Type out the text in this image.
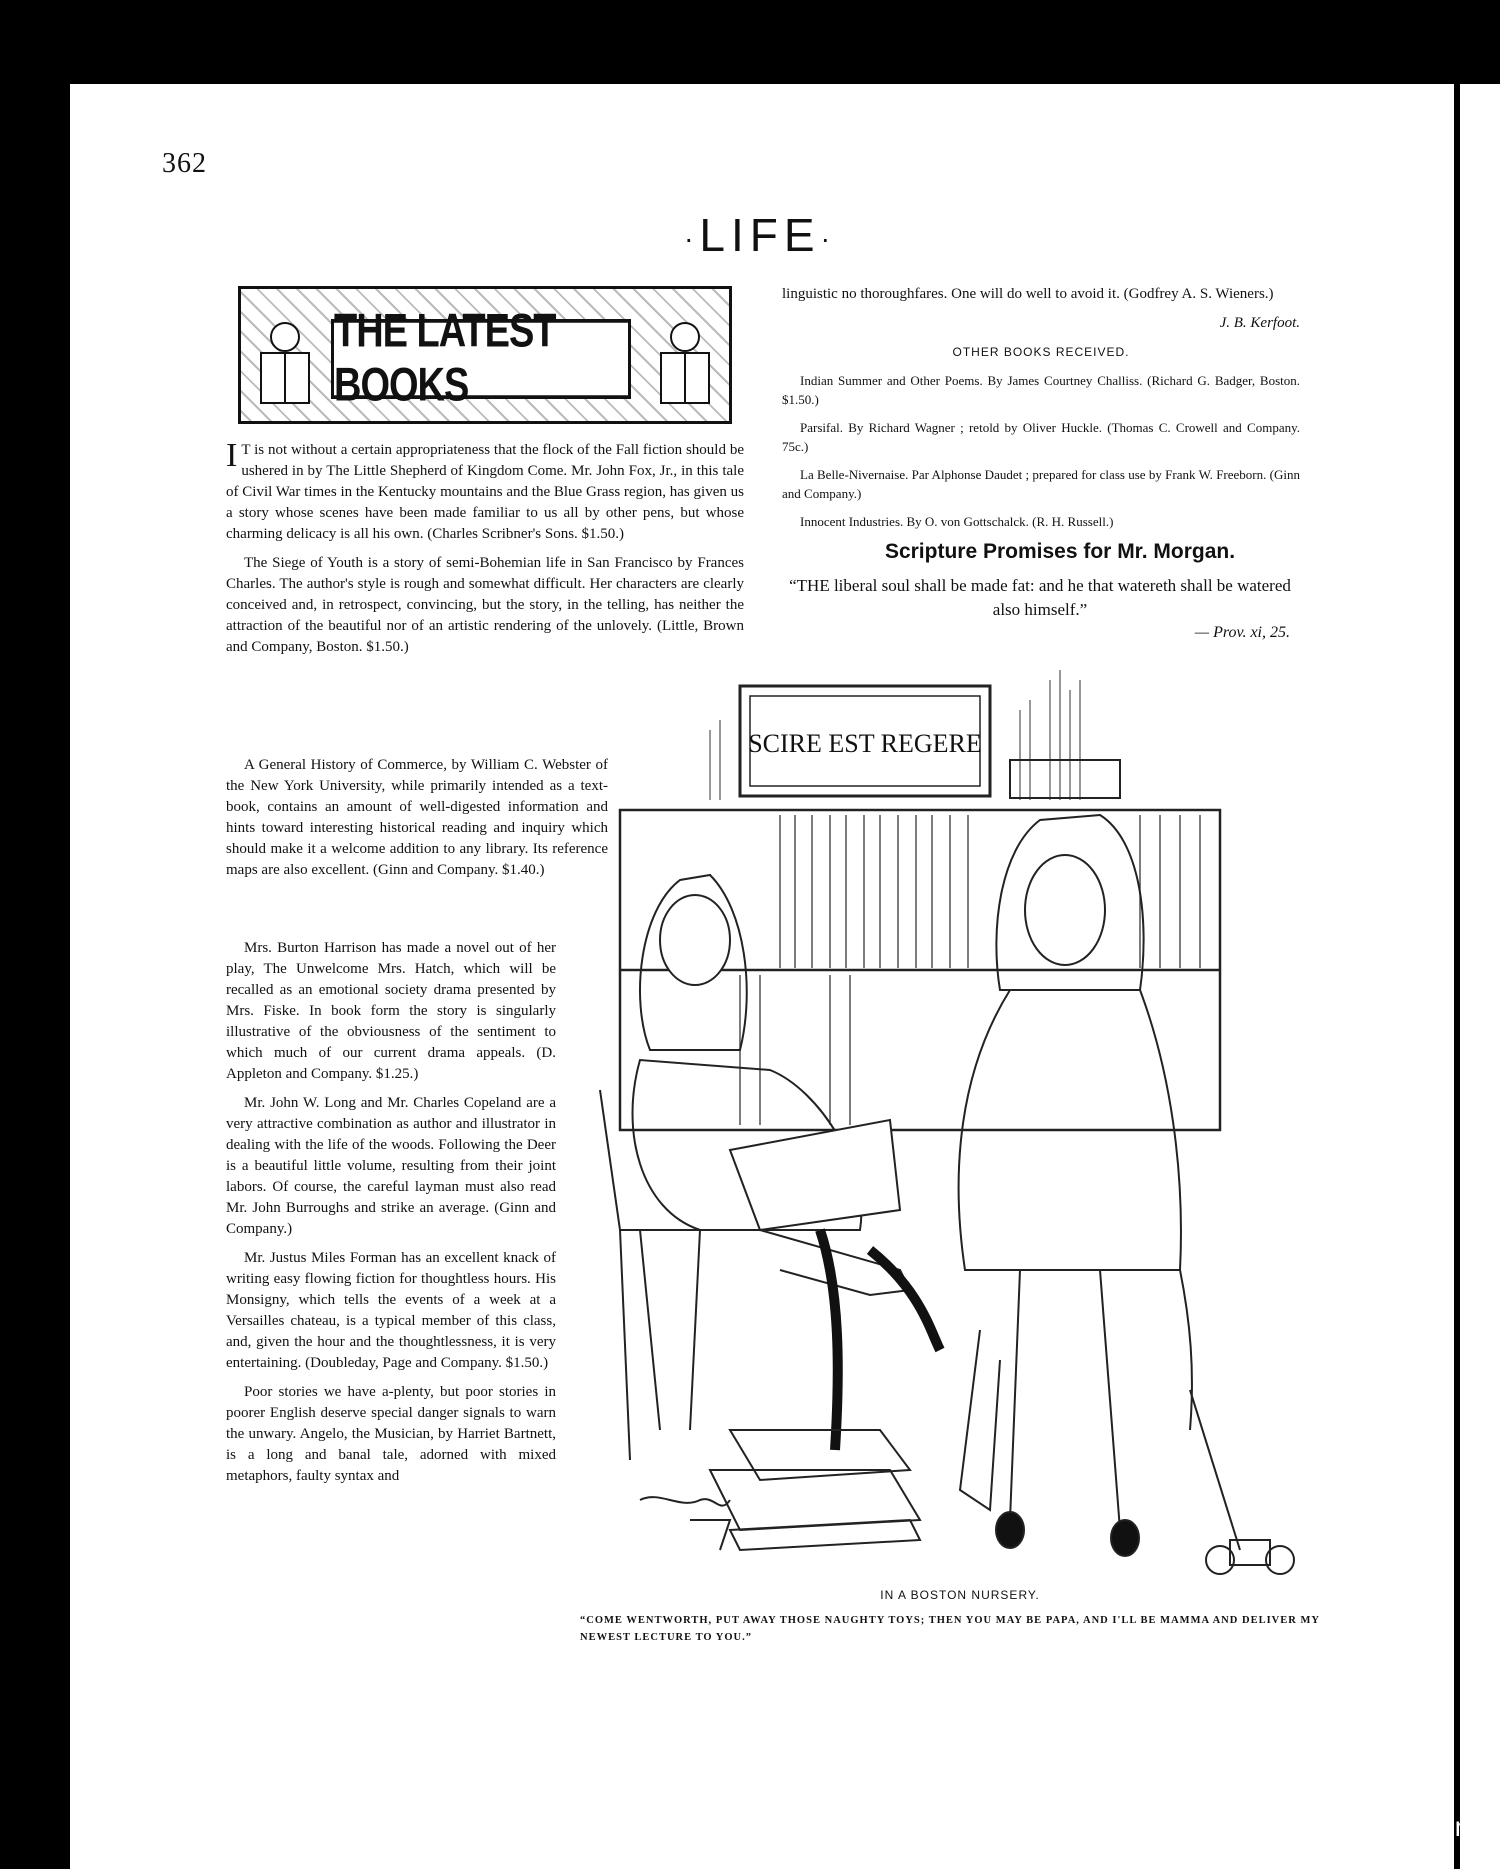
362
·LIFE·
THE LATEST BOOKS

I T is not without a certain appropriateness that the flock of the Fall fiction should be ushered in by The Little Shepherd of Kingdom Come. Mr. John Fox, Jr., in this tale of Civil War times in the Kentucky mountains and the Blue Grass region, has given us a story whose scenes have been made familiar to us all by other pens, but whose charming delicacy is all his own. (Charles Scribner's Sons. $1.50.)

The Siege of Youth is a story of semi-Bohemian life in San Francisco by Frances Charles. The author's style is rough and somewhat difficult. Her characters are clearly conceived and, in retrospect, convincing, but the story, in the telling, has neither the attraction of the beautiful nor of an artistic rendering of the unlovely. (Little, Brown and Company, Boston. $1.50.)

A General History of Commerce, by William C. Webster of the New York University, while primarily intended as a text-book, contains an amount of well-digested information and hints toward interesting historical reading and inquiry which should make it a welcome addition to any library. Its reference maps are also excellent. (Ginn and Company. $1.40.)

Mrs. Burton Harrison has made a novel out of her play, The Unwelcome Mrs. Hatch, which will be recalled as an emotional society drama presented by Mrs. Fiske. In book form the story is singularly illustrative of the obviousness of the sentiment to which much of our current drama appeals. (D. Appleton and Company. $1.25.)

Mr. John W. Long and Mr. Charles Copeland are a very attractive combination as author and illustrator in dealing with the life of the woods. Following the Deer is a beautiful little volume, resulting from their joint labors. Of course, the careful layman must also read Mr. John Burroughs and strike an average. (Ginn and Company.)

Mr. Justus Miles Forman has an excellent knack of writing easy flowing fiction for thoughtless hours. His Monsigny, which tells the events of a week at a Versailles chateau, is a typical member of this class, and, given the hour and the thoughtlessness, it is very entertaining. (Doubleday, Page and Company. $1.50.)

Poor stories we have a-plenty, but poor stories in poorer English deserve special danger signals to warn the unwary. Angelo, the Musician, by Harriet Bartnett, is a long and banal tale, adorned with mixed metaphors, faulty syntax and

linguistic no thoroughfares. One will do well to avoid it. (Godfrey A. S. Wieners.)

J. B. Kerfoot.

OTHER BOOKS RECEIVED.

Indian Summer and Other Poems. By James Courtney Challiss. (Richard G. Badger, Boston. $1.50.)

Parsifal. By Richard Wagner ; retold by Oliver Huckle. (Thomas C. Crowell and Company. 75c.)

La Belle-Nivernaise. Par Alphonse Daudet ; prepared for class use by Frank W. Freeborn. (Ginn and Company.)

Innocent Industries. By O. von Gottschalck. (R. H. Russell.)

Scripture Promises for Mr. Morgan.
“THE liberal soul shall be made fat: and he that watereth shall be watered also himself.”
— Prov. xi, 25.
SCIRE EST REGERE
IN A BOSTON NURSERY.
“COME WENTWORTH, PUT AWAY THOSE NAUGHTY TOYS; THEN YOU MAY BE PAPA, AND I'LL BE MAMMA AND DELIVER MY NEWEST LECTURE TO YOU.”
comicbooks.com
